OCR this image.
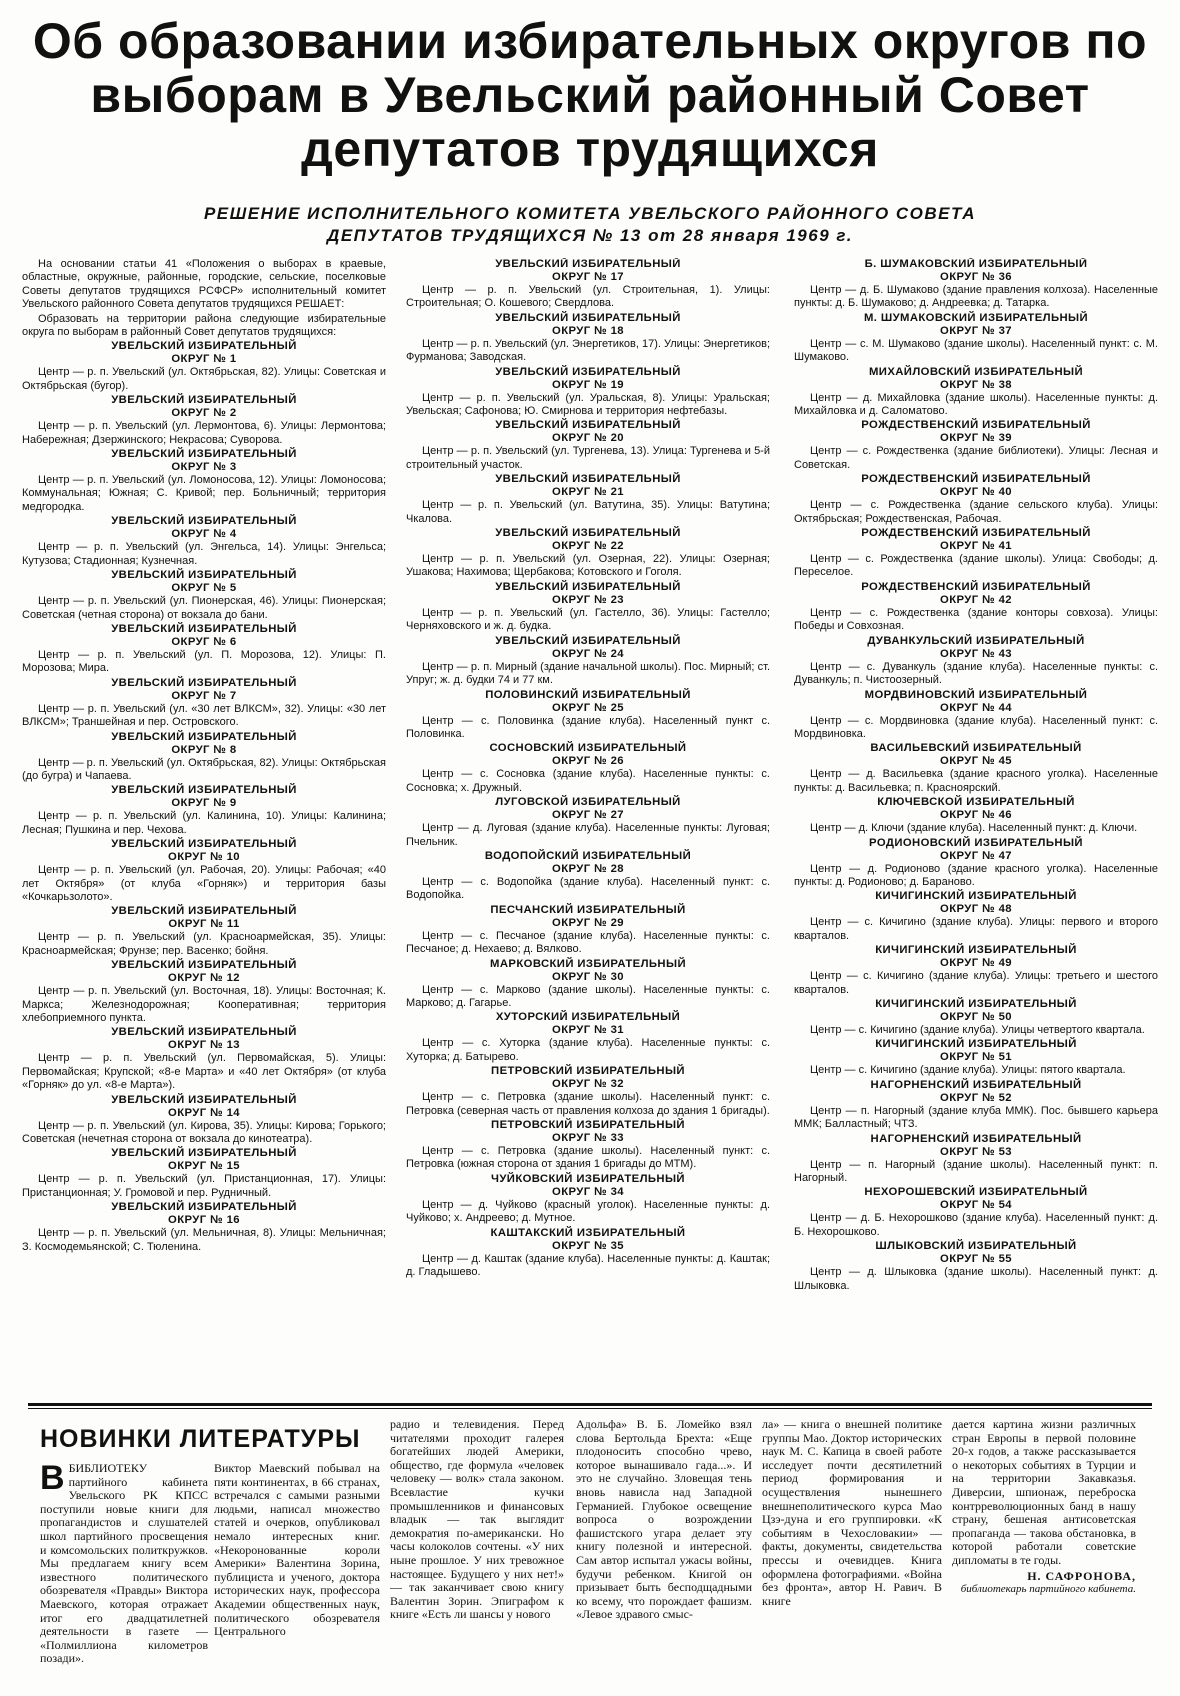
Об образовании избирательных округов по выборам в Увельский районный Совет депутатов трудящихся
РЕШЕНИЕ ИСПОЛНИТЕЛЬНОГО КОМИТЕТА УВЕЛЬСКОГО РАЙОННОГО СОВЕТА ДЕПУТАТОВ ТРУДЯЩИХСЯ № 13 от 28 января 1969 г.

На основании статьи 41 «Положения о выборах в краевые, областные, окружные, районные, городские, сельские, поселковые Советы депутатов трудящихся РСФСР» исполнительный комитет Увельского районного Совета депутатов трудящихся РЕШАЕТ:

Образовать на территории района следующие избирательные округа по выборам в районный Совет депутатов трудящихся:

УВЕЛЬСКИЙ ИЗБИРАТЕЛЬНЫЙ
ОКРУГ № 1
Центр — р. п. Увельский (ул. Октябрьская, 82). Улицы: Советская и Октябрьская (бугор).
УВЕЛЬСКИЙ ИЗБИРАТЕЛЬНЫЙ
ОКРУГ № 2
Центр — р. п. Увельский (ул. Лермонтова, 6). Улицы: Лермонтова; Набережная; Дзержинского; Некрасова; Суворова.
УВЕЛЬСКИЙ ИЗБИРАТЕЛЬНЫЙ
ОКРУГ № 3
Центр — р. п. Увельский (ул. Ломоносова, 12). Улицы: Ломоносова; Коммунальная; Южная; С. Кривой; пер. Больничный; территория медгородка.
УВЕЛЬСКИЙ ИЗБИРАТЕЛЬНЫЙ
ОКРУГ № 4
Центр — р. п. Увельский (ул. Энгельса, 14). Улицы: Энгельса; Кутузова; Стадионная; Кузнечная.
УВЕЛЬСКИЙ ИЗБИРАТЕЛЬНЫЙ
ОКРУГ № 5
Центр — р. п. Увельский (ул. Пионерская, 46). Улицы: Пионерская; Советская (четная сторона) от вокзала до бани.
УВЕЛЬСКИЙ ИЗБИРАТЕЛЬНЫЙ
ОКРУГ № 6
Центр — р. п. Увельский (ул. П. Морозова, 12). Улицы: П. Морозова; Мира.
УВЕЛЬСКИЙ ИЗБИРАТЕЛЬНЫЙ
ОКРУГ № 7
Центр — р. п. Увельский (ул. «30 лет ВЛКСМ», 32). Улицы: «30 лет ВЛКСМ»; Траншейная и пер. Островского.
УВЕЛЬСКИЙ ИЗБИРАТЕЛЬНЫЙ
ОКРУГ № 8
Центр — р. п. Увельский (ул. Октябрьская, 82). Улицы: Октябрьская (до бугра) и Чапаева.
УВЕЛЬСКИЙ ИЗБИРАТЕЛЬНЫЙ
ОКРУГ № 9
Центр — р. п. Увельский (ул. Калинина, 10). Улицы: Калинина; Лесная; Пушкина и пер. Чехова.
УВЕЛЬСКИЙ ИЗБИРАТЕЛЬНЫЙ
ОКРУГ № 10
Центр — р. п. Увельский (ул. Рабочая, 20). Улицы: Рабочая; «40 лет Октября» (от клуба «Горняк») и территория базы «Кочкарьзолото».
УВЕЛЬСКИЙ ИЗБИРАТЕЛЬНЫЙ
ОКРУГ № 11
Центр — р. п. Увельский (ул. Красноармейская, 35). Улицы: Красноармейская; Фрунзе; пер. Васенко; бойня.
УВЕЛЬСКИЙ ИЗБИРАТЕЛЬНЫЙ
ОКРУГ № 12
Центр — р. п. Увельский (ул. Восточная, 18). Улицы: Восточная; К. Маркса; Железнодорожная; Кооперативная; территория хлебоприемного пункта.
УВЕЛЬСКИЙ ИЗБИРАТЕЛЬНЫЙ
ОКРУГ № 13
Центр — р. п. Увельский (ул. Первомайская, 5). Улицы: Первомайская; Крупской; «8-е Марта» и «40 лет Октября» (от клуба «Горняк» до ул. «8-е Марта»).
УВЕЛЬСКИЙ ИЗБИРАТЕЛЬНЫЙ
ОКРУГ № 14
Центр — р. п. Увельский (ул. Кирова, 35). Улицы: Кирова; Горького; Советская (нечетная сторона от вокзала до кинотеатра).
УВЕЛЬСКИЙ ИЗБИРАТЕЛЬНЫЙ
ОКРУГ № 15
Центр — р. п. Увельский (ул. Пристанционная, 17). Улицы: Пристанционная; У. Громовой и пер. Рудничный.
УВЕЛЬСКИЙ ИЗБИРАТЕЛЬНЫЙ
ОКРУГ № 16
Центр — р. п. Увельский (ул. Мельничная, 8). Улицы: Мельничная; З. Космодемьянской; С. Тюленина.
УВЕЛЬСКИЙ ИЗБИРАТЕЛЬНЫЙ
ОКРУГ № 17
Центр — р. п. Увельский (ул. Строительная, 1). Улицы: Строительная; О. Кошевого; Свердлова.
УВЕЛЬСКИЙ ИЗБИРАТЕЛЬНЫЙ
ОКРУГ № 18
Центр — р. п. Увельский (ул. Энергетиков, 17). Улицы: Энергетиков; Фурманова; Заводская.
УВЕЛЬСКИЙ ИЗБИРАТЕЛЬНЫЙ
ОКРУГ № 19
Центр — р. п. Увельский (ул. Уральская, 8). Улицы: Уральская; Увельская; Сафонова; Ю. Смирнова и территория нефтебазы.
УВЕЛЬСКИЙ ИЗБИРАТЕЛЬНЫЙ
ОКРУГ № 20
Центр — р. п. Увельский (ул. Тургенева, 13). Улица: Тургенева и 5-й строительный участок.
УВЕЛЬСКИЙ ИЗБИРАТЕЛЬНЫЙ
ОКРУГ № 21
Центр — р. п. Увельский (ул. Ватутина, 35). Улицы: Ватутина; Чкалова.
УВЕЛЬСКИЙ ИЗБИРАТЕЛЬНЫЙ
ОКРУГ № 22
Центр — р. п. Увельский (ул. Озерная, 22). Улицы: Озерная; Ушакова; Нахимова; Щербакова; Котовского и Гоголя.
УВЕЛЬСКИЙ ИЗБИРАТЕЛЬНЫЙ
ОКРУГ № 23
Центр — р. п. Увельский (ул. Гастелло, 36). Улицы: Гастелло; Черняховского и ж. д. будка.
УВЕЛЬСКИЙ ИЗБИРАТЕЛЬНЫЙ
ОКРУГ № 24
Центр — р. п. Мирный (здание начальной школы). Пос. Мирный; ст. Упруг; ж. д. будки 74 и 77 км.
ПОЛОВИНСКИЙ ИЗБИРАТЕЛЬНЫЙ
ОКРУГ № 25
Центр — с. Половинка (здание клуба). Населенный пункт с. Половинка.
СОСНОВСКИЙ ИЗБИРАТЕЛЬНЫЙ
ОКРУГ № 26
Центр — с. Сосновка (здание клуба). Населенные пункты: с. Сосновка; х. Дружный.
ЛУГОВСКОЙ ИЗБИРАТЕЛЬНЫЙ
ОКРУГ № 27
Центр — д. Луговая (здание клуба). Населенные пункты: Луговая; Пчельник.
ВОДОПОЙСКИЙ ИЗБИРАТЕЛЬНЫЙ
ОКРУГ № 28
Центр — с. Водопойка (здание клуба). Населенный пункт: с. Водопойка.
ПЕСЧАНСКИЙ ИЗБИРАТЕЛЬНЫЙ
ОКРУГ № 29
Центр — с. Песчаное (здание клуба). Населенные пункты: с. Песчаное; д. Нехаево; д. Вялково.
МАРКОВСКИЙ ИЗБИРАТЕЛЬНЫЙ
ОКРУГ № 30
Центр — с. Марково (здание школы). Населенные пункты: с. Марково; д. Гагарье.
ХУТОРСКИЙ ИЗБИРАТЕЛЬНЫЙ
ОКРУГ № 31
Центр — с. Хуторка (здание клуба). Населенные пункты: с. Хуторка; д. Батырево.
ПЕТРОВСКИЙ ИЗБИРАТЕЛЬНЫЙ
ОКРУГ № 32
Центр — с. Петровка (здание школы). Населенный пункт: с. Петровка (северная часть от правления колхоза до здания 1 бригады).
ПЕТРОВСКИЙ ИЗБИРАТЕЛЬНЫЙ
ОКРУГ № 33
Центр — с. Петровка (здание школы). Населенный пункт: с. Петровка (южная сторона от здания 1 бригады до МТМ).
ЧУЙКОВСКИЙ ИЗБИРАТЕЛЬНЫЙ
ОКРУГ № 34
Центр — д. Чуйково (красный уголок). Населенные пункты: д. Чуйково; х. Андреево; д. Мутное.
КАШТАКСКИЙ ИЗБИРАТЕЛЬНЫЙ
ОКРУГ № 35
Центр — д. Каштак (здание клуба). Населенные пункты: д. Каштак; д. Гладышево.
Б. ШУМАКОВСКИЙ ИЗБИРАТЕЛЬНЫЙ
ОКРУГ № 36
Центр — д. Б. Шумаково (здание правления колхоза). Населенные пункты: д. Б. Шумаково; д. Андреевка; д. Татарка.
М. ШУМАКОВСКИЙ ИЗБИРАТЕЛЬНЫЙ
ОКРУГ № 37
Центр — с. М. Шумаково (здание школы). Населенный пункт: с. М. Шумаково.
МИХАЙЛОВСКИЙ ИЗБИРАТЕЛЬНЫЙ
ОКРУГ № 38
Центр — д. Михайловка (здание школы). Населенные пункты: д. Михайловка и д. Саломатово.
РОЖДЕСТВЕНСКИЙ ИЗБИРАТЕЛЬНЫЙ
ОКРУГ № 39
Центр — с. Рождественка (здание библиотеки). Улицы: Лесная и Советская.
РОЖДЕСТВЕНСКИЙ ИЗБИРАТЕЛЬНЫЙ
ОКРУГ № 40
Центр — с. Рождественка (здание сельского клуба). Улицы: Октябрьская; Рождественская, Рабочая.
РОЖДЕСТВЕНСКИЙ ИЗБИРАТЕЛЬНЫЙ
ОКРУГ № 41
Центр — с. Рождественка (здание школы). Улица: Свободы; д. Переселое.
РОЖДЕСТВЕНСКИЙ ИЗБИРАТЕЛЬНЫЙ
ОКРУГ № 42
Центр — с. Рождественка (здание конторы совхоза). Улицы: Победы и Совхозная.
ДУВАНКУЛЬСКИЙ ИЗБИРАТЕЛЬНЫЙ
ОКРУГ № 43
Центр — с. Дуванкуль (здание клуба). Населенные пункты: с. Дуванкуль; п. Чистоозерный.
МОРДВИНОВСКИЙ ИЗБИРАТЕЛЬНЫЙ
ОКРУГ № 44
Центр — с. Мордвиновка (здание клуба). Населенный пункт: с. Мордвиновка.
ВАСИЛЬЕВСКИЙ ИЗБИРАТЕЛЬНЫЙ
ОКРУГ № 45
Центр — д. Васильевка (здание красного уголка). Населенные пункты: д. Васильевка; п. Красноярский.
КЛЮЧЕВСКОЙ ИЗБИРАТЕЛЬНЫЙ
ОКРУГ № 46
Центр — д. Ключи (здание клуба). Населенный пункт: д. Ключи.
РОДИОНОВСКИЙ ИЗБИРАТЕЛЬНЫЙ
ОКРУГ № 47
Центр — д. Родионово (здание красного уголка). Населенные пункты: д. Родионово; д. Бараново.
КИЧИГИНСКИЙ ИЗБИРАТЕЛЬНЫЙ
ОКРУГ № 48
Центр — с. Кичигино (здание клуба). Улицы: первого и второго кварталов.
КИЧИГИНСКИЙ ИЗБИРАТЕЛЬНЫЙ
ОКРУГ № 49
Центр — с. Кичигино (здание клуба). Улицы: третьего и шестого кварталов.
КИЧИГИНСКИЙ ИЗБИРАТЕЛЬНЫЙ
ОКРУГ № 50
Центр — с. Кичигино (здание клуба). Улицы четвертого квартала.
КИЧИГИНСКИЙ ИЗБИРАТЕЛЬНЫЙ
ОКРУГ № 51
Центр — с. Кичигино (здание клуба). Улицы: пятого квартала.
НАГОРНЕНСКИЙ ИЗБИРАТЕЛЬНЫЙ
ОКРУГ № 52
Центр — п. Нагорный (здание клуба ММК). Пос. бывшего карьера ММК; Балластный; ЧТЗ.
НАГОРНЕНСКИЙ ИЗБИРАТЕЛЬНЫЙ
ОКРУГ № 53
Центр — п. Нагорный (здание школы). Населенный пункт: п. Нагорный.
НЕХОРОШЕВСКИЙ ИЗБИРАТЕЛЬНЫЙ
ОКРУГ № 54
Центр — д. Б. Нехорошково (здание клуба). Населенный пункт: д. Б. Нехорошково.
ШЛЫКОВСКИЙ ИЗБИРАТЕЛЬНЫЙ
ОКРУГ № 55
Центр — д. Шлыковка (здание школы). Населенный пункт: д. Шлыковка.
НОВИНКИ ЛИТЕРАТУРЫ
В БИБЛИОТЕКУ партийного кабинета Увельского РК КПСС поступили новые книги для пропагандистов и слушателей школ партийного просвещения и комсомольских политкружков. Мы предлагаем книгу всем известного политического обозревателя «Правды» Виктора Маевского, которая отражает итог его двадцатилетней деятельности в газете — «Полмиллиона километров позади».

Виктор Маевский побывал на пяти континентах, в 66 странах, встречался с самыми разными людьми, написал множество статей и очерков, опубликовал немало интересных книг. «Некоронованные короли Америки» Валентина Зорина, публициста и ученого, доктора исторических наук, профессора Академии общественных наук, политического обозревателя Центрального

радио и телевидения. Перед читателями проходит галерея богатейших людей Америки, общество, где формула «человек человеку — волк» стала законом. Всевластие кучки промышленников и финансовых владык — так выглядит демократия по-американски. Но часы колоколов сочтены. «У них ныне прошлое. У них тревожное настоящее. Будущего у них нет!» — так заканчивает свою книгу Валентин Зорин. Эпиграфом к книге «Есть ли шансы у нового

Адольфа» В. Б. Ломейко взял слова Бертольда Брехта: «Еще плодоносить способно чрево, которое вынашивало гада...». И это не случайно. Зловещая тень вновь нависла над Западной Германией. Глубокое освещение вопроса о возрождении фашистского угара делает эту книгу полезной и интересной. Сам автор испытал ужасы войны, будучи ребенком. Книгой он призывает быть бесподщадными ко всему, что порождает фашизм. «Левое здравого смыс-

ла» — книга о внешней политике группы Мао. Доктор исторических наук М. С. Капица в своей работе исследует почти десятилетний период формирования и осуществления нынешнего внешнеполитического курса Мао Цзэ-дуна и его группировки. «К событиям в Чехословакии» — факты, документы, свидетельства прессы и очевидцев. Книга оформлена фотографиями. «Война без фронта», автор Н. Равич. В книге

дается картина жизни различных стран Европы в первой половине 20-х годов, а также рассказывается о некоторых событиях в Турции и на территории Закавказья. Диверсии, шпионаж, переброска контрреволюционных банд в нашу страну, бешеная антисоветская пропаганда — такова обстановка, в которой работали советские дипломаты в те годы.

Н. САФРОНОВА,

библиотекарь партийного кабинета.
